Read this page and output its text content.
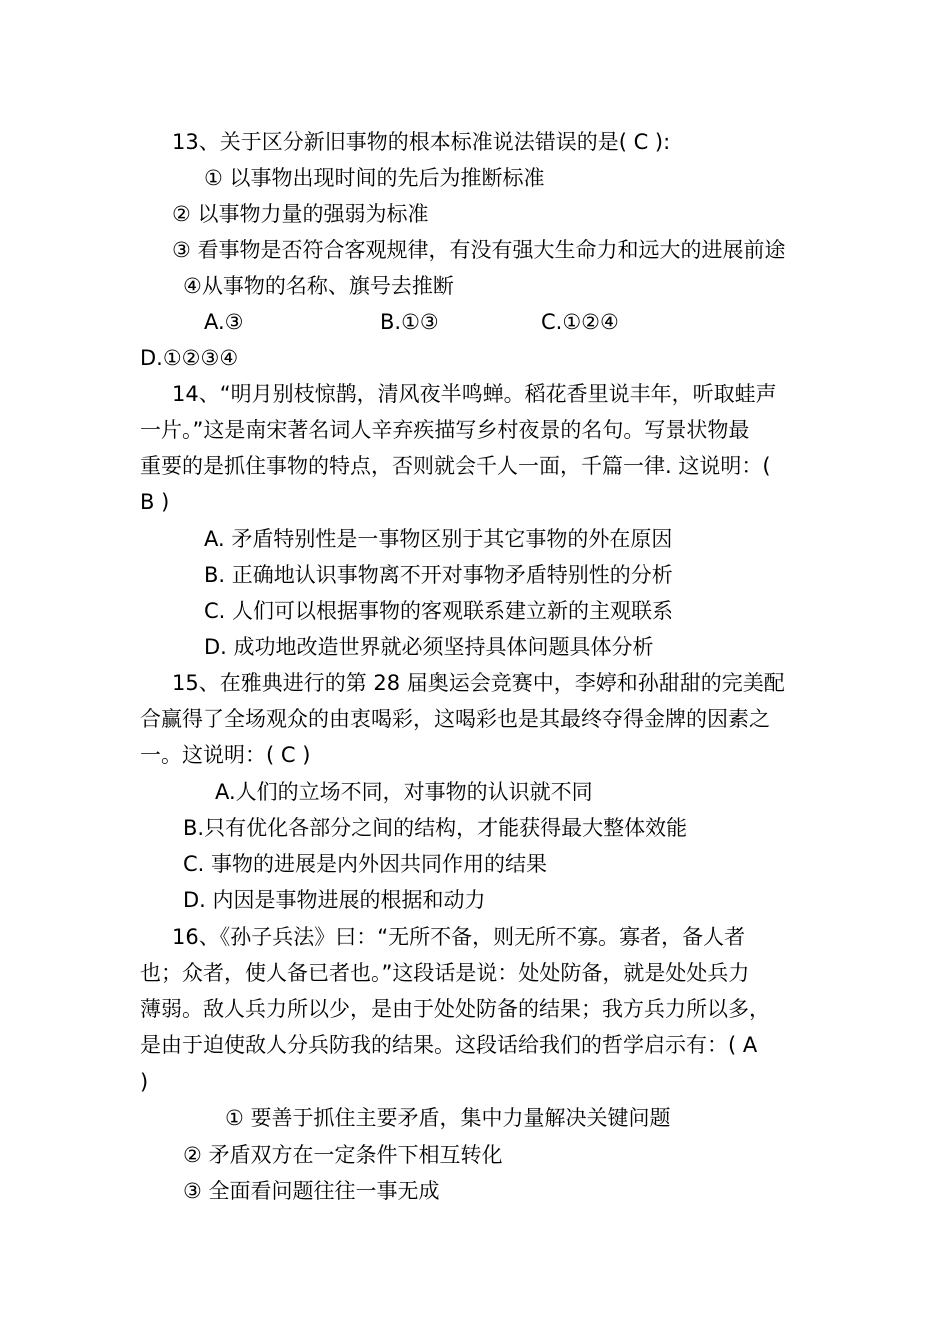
13、关于区分新旧事物的根本标准说法错误的是( C ):
① 以事物出现时间的先后为推断标准
② 以事物力量的强弱为标准
③ 看事物是否符合客观规律，有没有强大生命力和远大的进展前途
④从事物的名称、旗号去推断
A.③	B.①③	C.①②④
D.①②③④
14、“明月别枝惊鹊，清风夜半鸣蝉。稻花香里说丰年，听取蛙声
一片。”这是南宋著名词人辛弃疾描写乡村夜景的名句。写景状物最
重要的是抓住事物的特点，否则就会千人一面，千篇一律. 这说明：(
B )
A. 矛盾特别性是一事物区别于其它事物的外在原因
B. 正确地认识事物离不开对事物矛盾特别性的分析
C. 人们可以根据事物的客观联系建立新的主观联系
D. 成功地改造世界就必须坚持具体问题具体分析
15、在雅典进行的第 28 届奥运会竞赛中，李婷和孙甜甜的完美配
合赢得了全场观众的由衷喝彩，这喝彩也是其最终夺得金牌的因素之
一。这说明：( C )
A.人们的立场不同，对事物的认识就不同
B.只有优化各部分之间的结构，才能获得最大整体效能
C. 事物的进展是内外因共同作用的结果
D. 内因是事物进展的根据和动力
16、《孙子兵法》曰：“无所不备，则无所不寡。寡者，备人者
也；众者，使人备已者也。”这段话是说：处处防备，就是处处兵力
薄弱。敌人兵力所以少，是由于处处防备的结果；我方兵力所以多，
是由于迫使敌人分兵防我的结果。这段话给我们的哲学启示有：( A
)
① 要善于抓住主要矛盾，集中力量解决关键问题
② 矛盾双方在一定条件下相互转化
③ 全面看问题往往一事无成
